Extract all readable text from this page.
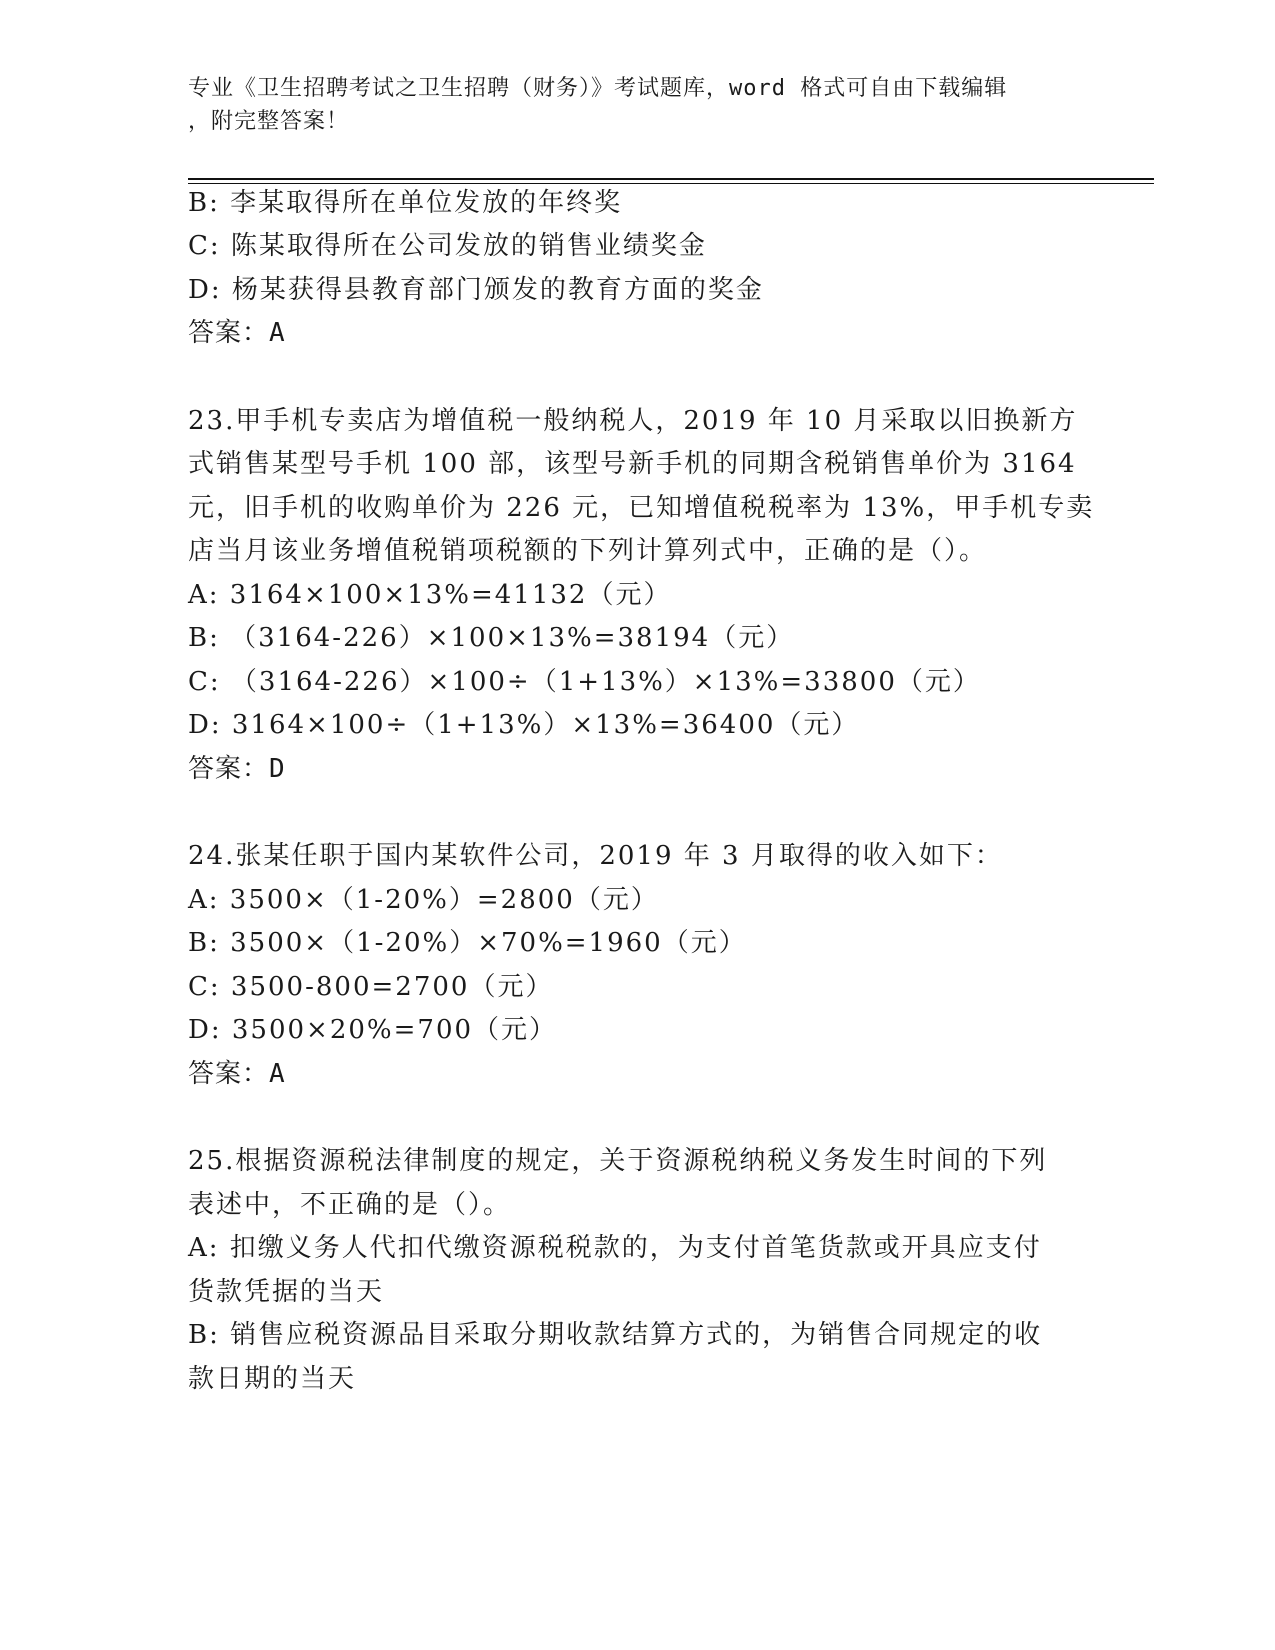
专业《卫生招聘考试之卫生招聘（财务）》考试题库，word 格式可自由下载编辑
，附完整答案！
B: 李某取得所在单位发放的年终奖
C: 陈某取得所在公司发放的销售业绩奖金
D: 杨某获得县教育部门颁发的教育方面的奖金
答案：A
23.甲手机专卖店为增值税一般纳税人，2019 年 10 月采取以旧换新方
式销售某型号手机 100 部，该型号新手机的同期含税销售单价为 3164
元，旧手机的收购单价为 226 元，已知增值税税率为 13%，甲手机专卖
店当月该业务增值税销项税额的下列计算列式中，正确的是（）。
A: 3164×100×13%=41132（元）
B: （3164-226）×100×13%=38194（元）
C: （3164-226）×100÷（1+13%）×13%=33800（元）
D: 3164×100÷（1+13%）×13%=36400（元）
答案：D
24.张某任职于国内某软件公司，2019 年 3 月取得的收入如下：
A: 3500×（1-20%）=2800（元）
B: 3500×（1-20%）×70%=1960（元）
C: 3500-800=2700（元）
D: 3500×20%=700（元）
答案：A
25.根据资源税法律制度的规定，关于资源税纳税义务发生时间的下列
表述中，不正确的是（）。
A: 扣缴义务人代扣代缴资源税税款的，为支付首笔货款或开具应支付
货款凭据的当天
B: 销售应税资源品目采取分期收款结算方式的，为销售合同规定的收
款日期的当天
